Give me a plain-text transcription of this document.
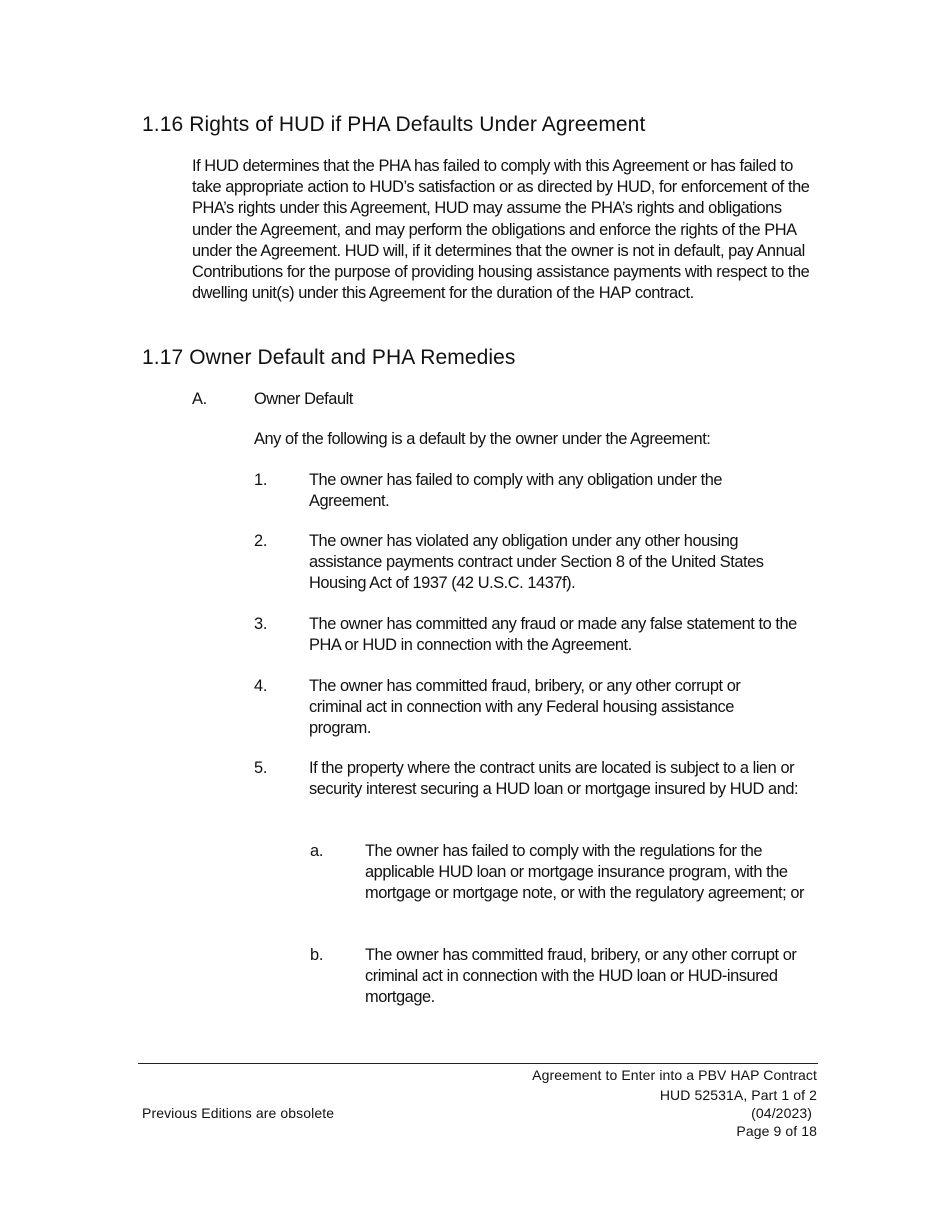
1.16 Rights of HUD if PHA Defaults Under Agreement

If HUD determines that the PHA has failed to comply with this Agreement or has failed to take appropriate action to HUD’s satisfaction or as directed by HUD, for enforcement of the PHA’s rights under this Agreement, HUD may assume the PHA’s rights and obligations under the Agreement, and may perform the obligations and enforce the rights of the PHA under the Agreement. HUD will, if it determines that the owner is not in default, pay Annual Contributions for the purpose of providing housing assistance payments with respect to the dwelling unit(s) under this Agreement for the duration of the HAP contract.

1.17 Owner Default and PHA Remedies
A.	Owner Default

Any of the following is a default by the owner under the Agreement:

1.	The owner has failed to comply with any obligation under the Agreement.

2.	The owner has violated any obligation under any other housing assistance payments contract under Section 8 of the United States Housing Act of 1937 (42 U.S.C. 1437f).

3.	The owner has committed any fraud or made any false statement to the PHA or HUD in connection with the Agreement.

4.	The owner has committed fraud, bribery, or any other corrupt or criminal act in connection with any Federal housing assistance program.

5.	If the property where the contract units are located is subject to a lien or security interest securing a HUD loan or mortgage insured by HUD and:

a.	The owner has failed to comply with the regulations for the applicable HUD loan or mortgage insurance program, with the mortgage or mortgage note, or with the regulatory agreement; or

b.	The owner has committed fraud, bribery, or any other corrupt or criminal act in connection with the HUD loan or HUD-insured mortgage.

Agreement to Enter into a PBV HAP Contract
HUD 52531A, Part 1 of 2
Previous Editions are obsolete	(04/2023)
Page 9 of 18
